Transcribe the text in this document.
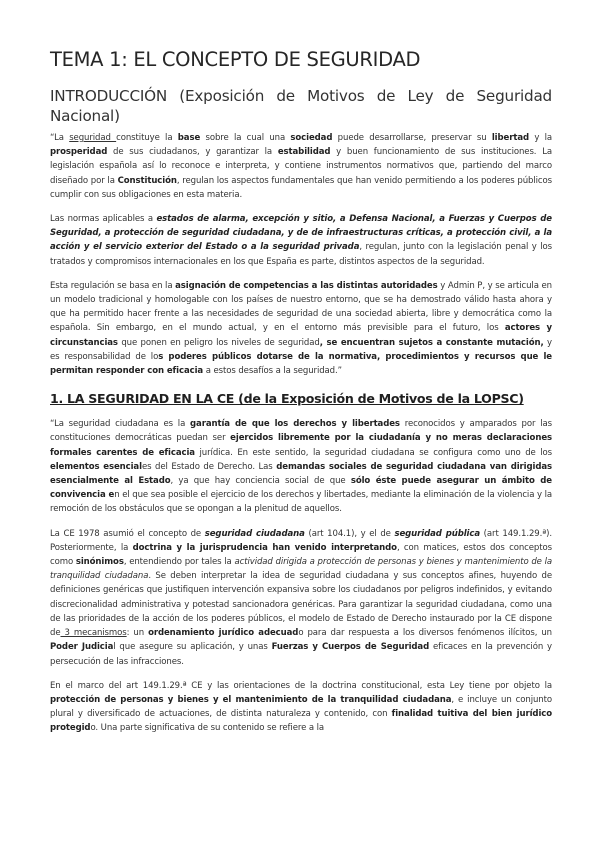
TEMA 1: EL CONCEPTO DE SEGURIDAD
INTRODUCCIÓN (Exposición de Motivos de Ley de Seguridad Nacional)
“La seguridad constituye la base sobre la cual una sociedad puede desarrollarse, preservar su libertad y la prosperidad de sus ciudadanos, y garantizar la estabilidad y buen funcionamiento de sus instituciones. La legislación española así lo reconoce e interpreta, y contiene instrumentos normativos que, partiendo del marco diseñado por la Constitución, regulan los aspectos fundamentales que han venido permitiendo a los poderes públicos cumplir con sus obligaciones en esta materia.
Las normas aplicables a estados de alarma, excepción y sitio, a Defensa Nacional, a Fuerzas y Cuerpos de Seguridad, a protección de seguridad ciudadana, y de de infraestructuras críticas, a protección civil, a la acción y el servicio exterior del Estado o a la seguridad privada, regulan, junto con la legislación penal y los tratados y compromisos internacionales en los que España es parte, distintos aspectos de la seguridad.
Esta regulación se basa en la asignación de competencias a las distintas autoridades y Admin P, y se articula en un modelo tradicional y homologable con los países de nuestro entorno, que se ha demostrado válido hasta ahora y que ha permitido hacer frente a las necesidades de seguridad de una sociedad abierta, libre y democrática como la española. Sin embargo, en el mundo actual, y en el entorno más previsible para el futuro, los actores y circunstancias que ponen en peligro los niveles de seguridad, se encuentran sujetos a constante mutación, y es responsabilidad de los poderes públicos dotarse de la normativa, procedimientos y recursos que le permitan responder con eficacia a estos desafíos a la seguridad.”
1. LA SEGURIDAD EN LA CE (de la Exposición de Motivos de la LOPSC)
“La seguridad ciudadana es la garantía de que los derechos y libertades reconocidos y amparados por las constituciones democráticas puedan ser ejercidos libremente por la ciudadanía y no meras declaraciones formales carentes de eficacia jurídica. En este sentido, la seguridad ciudadana se configura como uno de los elementos esenciales del Estado de Derecho. Las demandas sociales de seguridad ciudadana van dirigidas esencialmente al Estado, ya que hay conciencia social de que sólo éste puede asegurar un ámbito de convivencia en el que sea posible el ejercicio de los derechos y libertades, mediante la eliminación de la violencia y la remoción de los obstáculos que se opongan a la plenitud de aquellos.
La CE 1978 asumió el concepto de seguridad ciudadana (art 104.1), y el de seguridad pública (art 149.1.29.ª). Posteriormente, la doctrina y la jurisprudencia han venido interpretando, con matices, estos dos conceptos como sinónimos, entendiendo por tales la actividad dirigida a protección de personas y bienes y mantenimiento de la tranquilidad ciudadana. Se deben interpretar la idea de seguridad ciudadana y sus conceptos afines, huyendo de definiciones genéricas que justifiquen intervención expansiva sobre los ciudadanos por peligros indefinidos, y evitando discrecionalidad administrativa y potestad sancionadora genéricas. Para garantizar la seguridad ciudadana, como una de las prioridades de la acción de los poderes públicos, el modelo de Estado de Derecho instaurado por la CE dispone de 3 mecanismos: un ordenamiento jurídico adecuado para dar respuesta a los diversos fenómenos ilícitos, un Poder Judicial que asegure su aplicación, y unas Fuerzas y Cuerpos de Seguridad eficaces en la prevención y persecución de las infracciones.
En el marco del art 149.1.29.ª CE y las orientaciones de la doctrina constitucional, esta Ley tiene por objeto la protección de personas y bienes y el mantenimiento de la tranquilidad ciudadana, e incluye un conjunto plural y diversificado de actuaciones, de distinta naturaleza y contenido, con finalidad tuitiva del bien jurídico protegido. Una parte significativa de su contenido se refiere a la
